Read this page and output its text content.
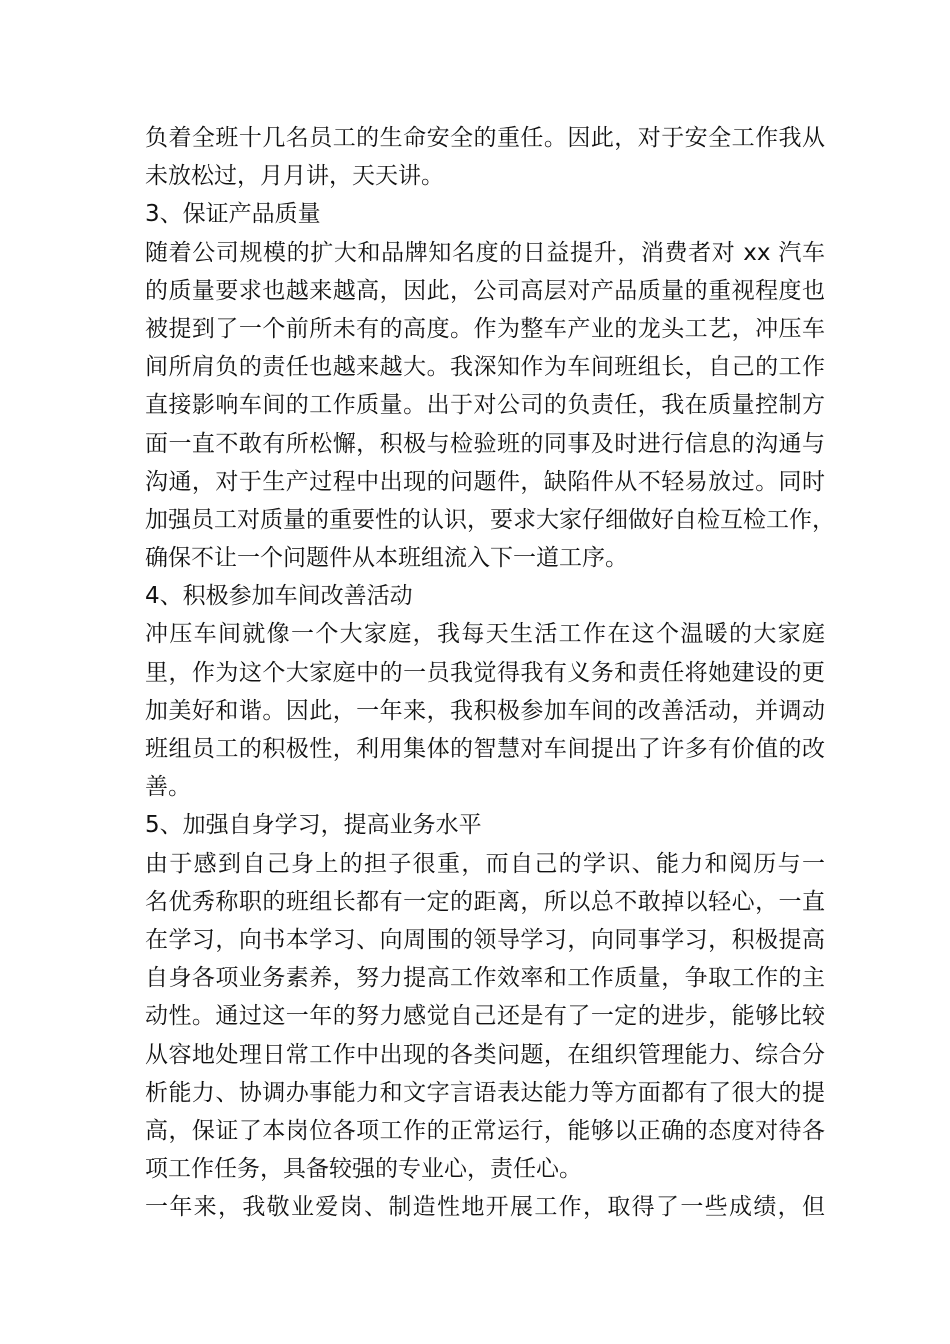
负着全班十几名员工的生命安全的重任。因此，对于安全工作我从
未放松过，月月讲，天天讲。
3、保证产品质量
随着公司规模的扩大和品牌知名度的日益提升，消费者对 xx 汽车
的质量要求也越来越高，因此，公司高层对产品质量的重视程度也
被提到了一个前所未有的高度。作为整车产业的龙头工艺，冲压车
间所肩负的责任也越来越大。我深知作为车间班组长，自己的工作
直接影响车间的工作质量。出于对公司的负责任，我在质量控制方
面一直不敢有所松懈，积极与检验班的同事及时进行信息的沟通与
沟通，对于生产过程中出现的问题件，缺陷件从不轻易放过。同时
加强员工对质量的重要性的认识，要求大家仔细做好自检互检工作，
确保不让一个问题件从本班组流入下一道工序。
4、积极参加车间改善活动
冲压车间就像一个大家庭，我每天生活工作在这个温暖的大家庭
里，作为这个大家庭中的一员我觉得我有义务和责任将她建设的更
加美好和谐。因此，一年来，我积极参加车间的改善活动，并调动
班组员工的积极性，利用集体的智慧对车间提出了许多有价值的改
善。
5、加强自身学习，提高业务水平
由于感到自己身上的担子很重，而自己的学识、能力和阅历与一
名优秀称职的班组长都有一定的距离，所以总不敢掉以轻心，一直
在学习，向书本学习、向周围的领导学习，向同事学习，积极提高
自身各项业务素养，努力提高工作效率和工作质量，争取工作的主
动性。通过这一年的努力感觉自己还是有了一定的进步，能够比较
从容地处理日常工作中出现的各类问题，在组织管理能力、综合分
析能力、协调办事能力和文字言语表达能力等方面都有了很大的提
高，保证了本岗位各项工作的正常运行，能够以正确的态度对待各
项工作任务，具备较强的专业心，责任心。
一年来，我敬业爱岗、制造性地开展工作，取得了一些成绩，但
